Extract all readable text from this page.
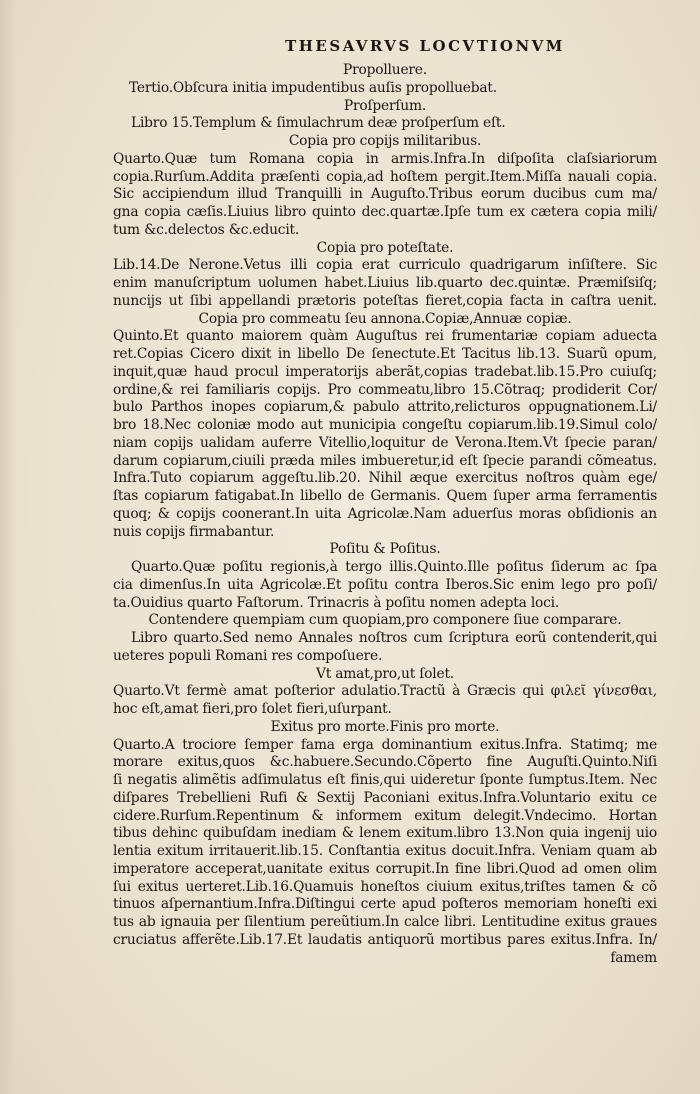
THESAVRVS LOCVTIONVM
Propolluere.
Tertio.Obſcura initia impudentibus auſis propolluebat.
Proſperſum.
Libro 15.Templum & ſimulachrum deæ proſperſum eſt.
Copia pro copijs militaribus.
Quarto.Quæ tum Romana copia in armis.Infra.In diſpoſita claſsiariorum
copia.Rurſum.Addita præſenti copia,ad hoſtem pergit.Item.Miſſa nauali copia.
Sic accipiendum illud Tranquilli in Auguſto.Tribus eorum ducibus cum ma/
gna copia cæſis.Liuius libro quinto dec.quartæ.Ipſe tum ex cætera copia mili/
tum &c.delectos &c.educit.
Copia pro poteſtate.
Lib.14.De Nerone.Vetus illi copia erat curriculo quadrigarum inſiſtere. Sic
enim manuſcriptum uolumen habet.Liuius lib.quarto dec.quintæ. Præmiſsiſq;
nuncijs ut ſibi appellandi prætoris poteſtas fieret,copia facta in caſtra uenit.
Copia pro commeatu ſeu annona.Copiæ,Annuæ copiæ.
Quinto.Et quanto maiorem quàm Auguſtus rei frumentariæ copiam aduecta
ret.Copias Cicero dixit in libello De ſenectute.Et Tacitus lib.13. Suarũ opum,
inquit,quæ haud procul imperatorijs aberãt,copias tradebat.lib.15.Pro cuiuſq;
ordine,& rei familiaris copijs. Pro commeatu,libro 15.Cõtraq; prodiderit Cor/
bulo Parthos inopes copiarum,& pabulo attrito,relicturos oppugnationem.Li/
bro 18.Nec coloniæ modo aut municipia congeſtu copiarum.lib.19.Simul colo/
niam copijs ualidam auferre Vitellio,loquitur de Verona.Item.Vt ſpecie paran/
darum copiarum,ciuili præda miles imbueretur,id eſt ſpecie parandi cõmeatus.
Infra.Tuto copiarum aggeſtu.lib.20. Nihil æque exercitus noſtros quàm ege/
ſtas copiarum fatigabat.In libello de Germanis. Quem ſuper arma ferramentis
quoq; & copijs coonerant.In uita Agricolæ.Nam aduerſus moras obſidionis an
nuis copijs firmabantur.
Poſitu & Poſitus.
Quarto.Quæ poſitu regionis,à tergo illis.Quinto.Ille poſitus ſiderum ac ſpa
cia dimenſus.In uita Agricolæ.Et poſitu contra Iberos.Sic enim lego pro poſi/
ta.Ouidius quarto Faſtorum. Trinacris à poſitu nomen adepta loci.
Contendere quempiam cum quopiam,pro componere ſiue comparare.
Libro quarto.Sed nemo Annales noſtros cum ſcriptura eorũ contenderit,qui
ueteres populi Romani res compoſuere.
Vt amat,pro,ut ſolet.
Quarto.Vt fermè amat poſterior adulatio.Tractũ à Græcis qui φιλεῖ γίνεσθαι,
hoc eſt,amat fieri,pro ſolet fieri,uſurpant.
Exitus pro morte.Finis pro morte.
Quarto.A trociore ſemper fama erga dominantium exitus.Infra. Statimq; me
morare exitus,quos &c.habuere.Secundo.Cõperto fine Auguſti.Quinto.Niſi
ſi negatis alimẽtis adſimulatus eſt finis,qui uideretur ſponte ſumptus.Item. Nec
diſpares Trebellieni Rufi & Sextij Paconiani exitus.Infra.Voluntario exitu ce
cidere.Rurſum.Repentinum & informem exitum delegit.Vndecimo. Hortan
tibus dehinc quibuſdam inediam & lenem exitum.libro 13.Non quia ingenij uio
lentia exitum irritauerit.lib.15. Conſtantia exitus docuit.Infra. Veniam quam ab
imperatore acceperat,uanitate exitus corrupit.In fine libri.Quod ad omen olim
ſui exitus uerteret.Lib.16.Quamuis honeſtos ciuium exitus,triſtes tamen & cõ
tinuos aſpernantium.Infra.Diſtingui certe apud poſteros memoriam honeſti exi
tus ab ignauia per ſilentium pereũtium.In calce libri. Lentitudine exitus graues
cruciatus afferẽte.Lib.17.Et laudatis antiquorũ mortibus pares exitus.Infra. In/
famem
